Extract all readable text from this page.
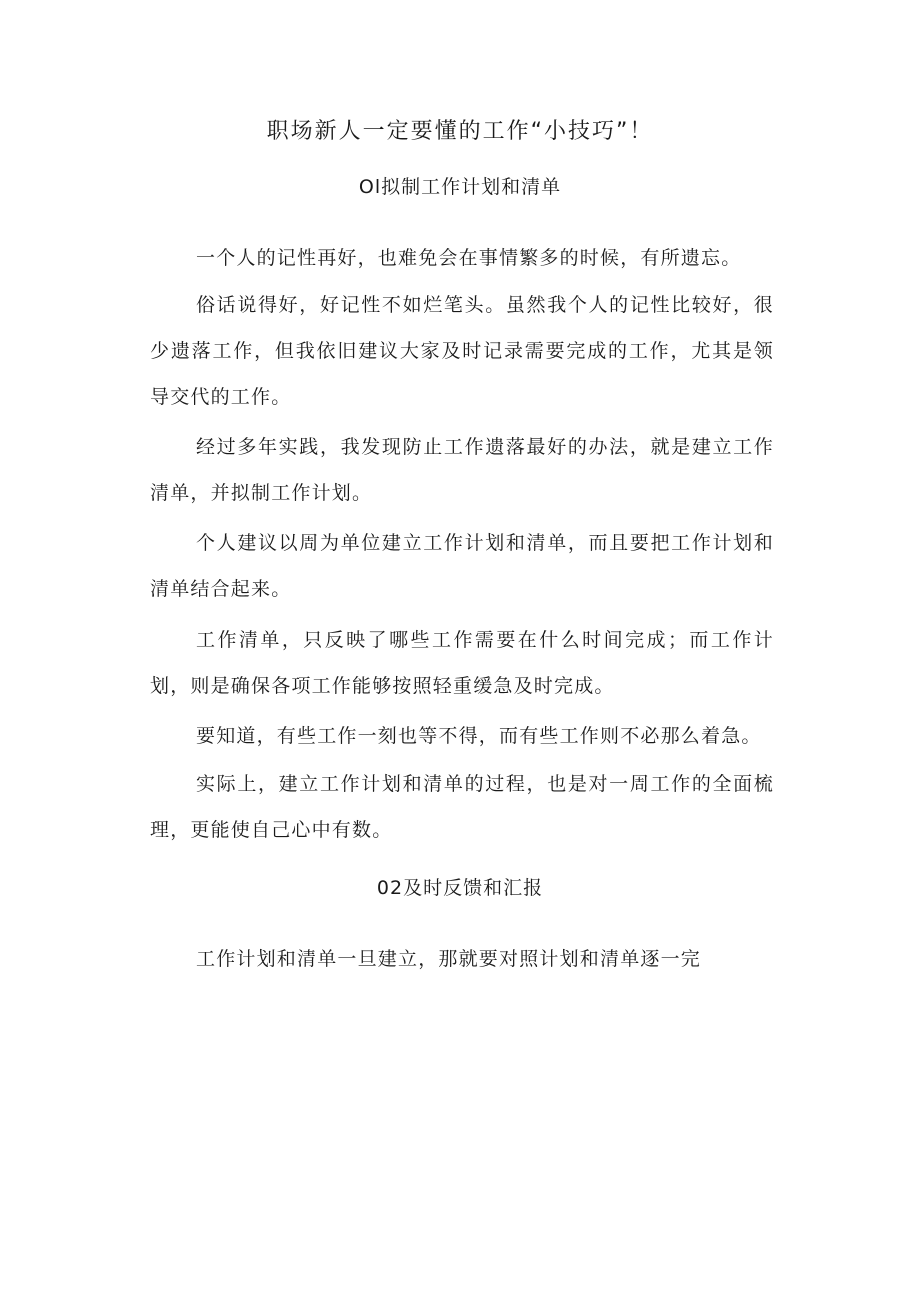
职场新人一定要懂的工作“小技巧”！
Ol拟制工作计划和清单

一个人的记性再好，也难免会在事情繁多的时候，有所遗忘。

俗话说得好，好记性不如烂笔头。虽然我个人的记性比较好，很少遗落工作，但我依旧建议大家及时记录需要完成的工作，尤其是领导交代的工作。

经过多年实践，我发现防止工作遗落最好的办法，就是建立工作清单，并拟制工作计划。

个人建议以周为单位建立工作计划和清单，而且要把工作计划和清单结合起来。

工作清单，只反映了哪些工作需要在什么时间完成；而工作计划，则是确保各项工作能够按照轻重缓急及时完成。

要知道，有些工作一刻也等不得，而有些工作则不必那么着急。

实际上，建立工作计划和清单的过程，也是对一周工作的全面梳理，更能使自己心中有数。

02及时反馈和汇报

工作计划和清单一旦建立，那就要对照计划和清单逐一完
